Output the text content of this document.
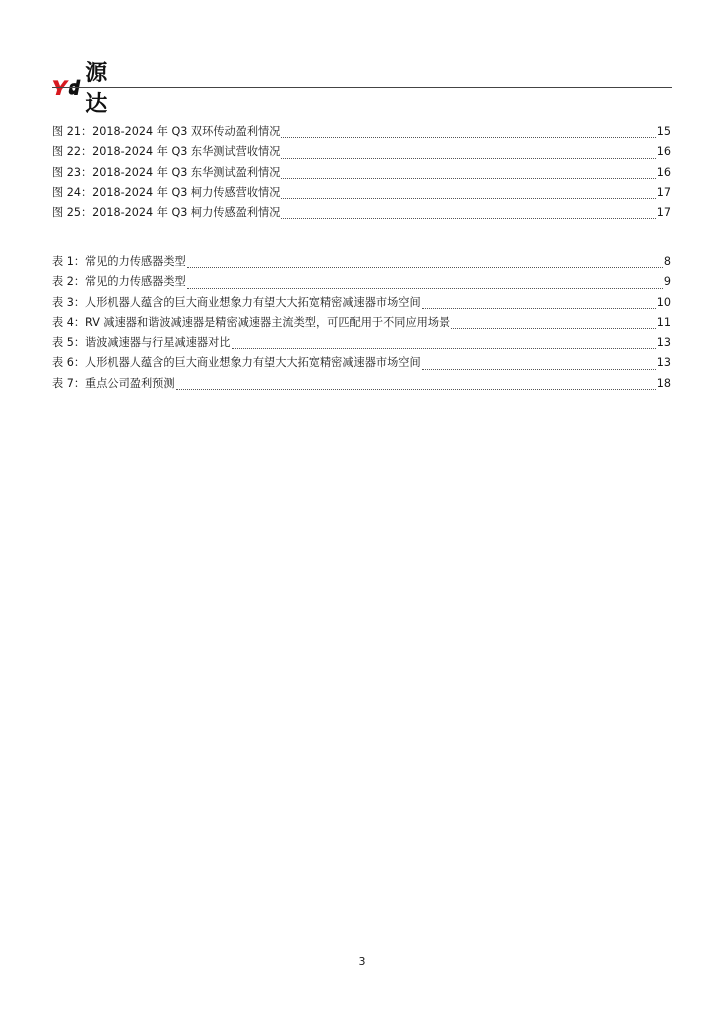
源达
图 21：2018-2024 年 Q3 双环传动盈利情况	15
图 22：2018-2024 年 Q3 东华测试营收情况	16
图 23：2018-2024 年 Q3 东华测试盈利情况	16
图 24：2018-2024 年 Q3 柯力传感营收情况	17
图 25：2018-2024 年 Q3 柯力传感盈利情况	17
表 1：常见的力传感器类型	8
表 2：常见的力传感器类型	9
表 3：人形机器人蕴含的巨大商业想象力有望大大拓宽精密减速器市场空间	10
表 4：RV 减速器和谐波减速器是精密减速器主流类型，可匹配用于不同应用场景	11
表 5：谐波减速器与行星减速器对比	13
表 6：人形机器人蕴含的巨大商业想象力有望大大拓宽精密减速器市场空间	13
表 7：重点公司盈利预测	18
3
